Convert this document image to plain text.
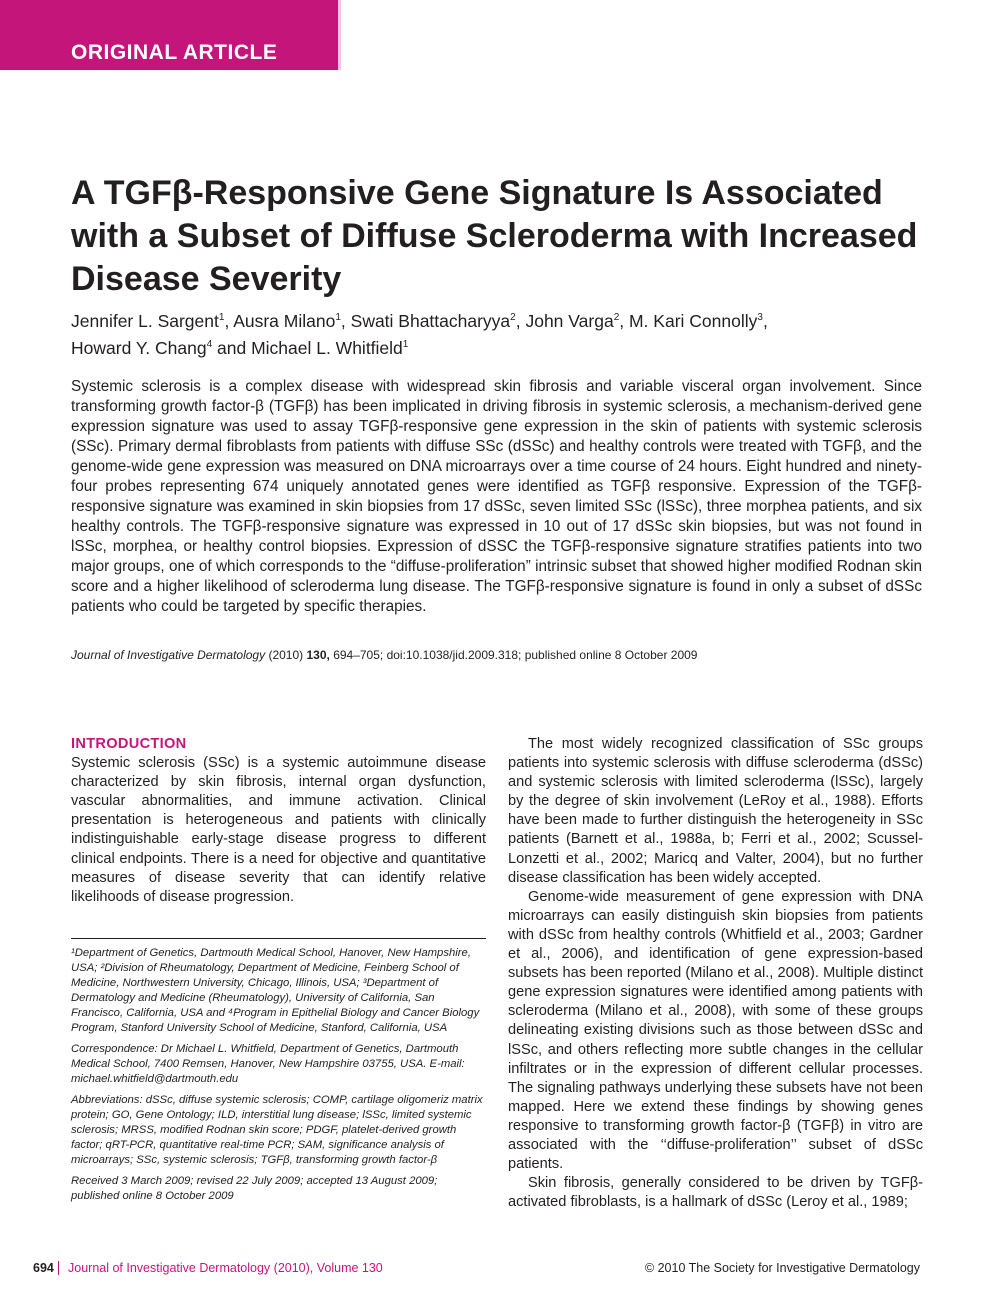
ORIGINAL ARTICLE
A TGFβ-Responsive Gene Signature Is Associated with a Subset of Diffuse Scleroderma with Increased Disease Severity
Jennifer L. Sargent$^1$, Ausra Milano$^1$, Swati Bhattacharyya$^2$, John Varga$^2$, M. Kari Connolly$^3$,
Howard Y. Chang$^4$ and Michael L. Whitfield$^1$

Systemic sclerosis is a complex disease with widespread skin fibrosis and variable visceral organ involvement. Since transforming growth factor-β (TGFβ) has been implicated in driving fibrosis in systemic sclerosis, a mechanism-derived gene expression signature was used to assay TGFβ-responsive gene expression in the skin of patients with systemic sclerosis (SSc). Primary dermal fibroblasts from patients with diffuse SSc (dSSc) and healthy controls were treated with TGFβ, and the genome-wide gene expression was measured on DNA microarrays over a time course of 24 hours. Eight hundred and ninety-four probes representing 674 uniquely annotated genes were identified as TGFβ responsive. Expression of the TGFβ-responsive signature was examined in skin biopsies from 17 dSSc, seven limited SSc (lSSc), three morphea patients, and six healthy controls. The TGFβ-responsive signature was expressed in 10 out of 17 dSSc skin biopsies, but was not found in lSSc, morphea, or healthy control biopsies. Expression of dSSC the TGFβ-responsive signature stratifies patients into two major groups, one of which corresponds to the “diffuse-proliferation” intrinsic subset that showed higher modified Rodnan skin score and a higher likelihood of scleroderma lung disease. The TGFβ-responsive signature is found in only a subset of dSSc patients who could be targeted by specific therapies.

Journal of Investigative Dermatology (2010) 130, 694–705; doi:10.1038/jid.2009.318; published online 8 October 2009

INTRODUCTION

Systemic sclerosis (SSc) is a systemic autoimmune disease characterized by skin fibrosis, internal organ dysfunction, vascular abnormalities, and immune activation. Clinical presentation is heterogeneous and patients with clinically indistinguishable early-stage disease progress to different clinical endpoints. There is a need for objective and quantitative measures of disease severity that can identify relative likelihoods of disease progression.

¹Department of Genetics, Dartmouth Medical School, Hanover, New Hampshire, USA; ²Division of Rheumatology, Department of Medicine, Feinberg School of Medicine, Northwestern University, Chicago, Illinois, USA; ³Department of Dermatology and Medicine (Rheumatology), University of California, San Francisco, California, USA and ⁴Program in Epithelial Biology and Cancer Biology Program, Stanford University School of Medicine, Stanford, California, USA

Correspondence: Dr Michael L. Whitfield, Department of Genetics, Dartmouth Medical School, 7400 Remsen, Hanover, New Hampshire 03755, USA. E-mail: michael.whitfield@dartmouth.edu

Abbreviations: dSSc, diffuse systemic sclerosis; COMP, cartilage oligomeriz matrix protein; GO, Gene Ontology; ILD, interstitial lung disease; lSSc, limited systemic sclerosis; MRSS, modified Rodnan skin score; PDGF, platelet-derived growth factor; qRT-PCR, quantitative real-time PCR; SAM, significance analysis of microarrays; SSc, systemic sclerosis; TGFβ, transforming growth factor-β

Received 3 March 2009; revised 22 July 2009; accepted 13 August 2009; published online 8 October 2009

The most widely recognized classification of SSc groups patients into systemic sclerosis with diffuse scleroderma (dSSc) and systemic sclerosis with limited scleroderma (lSSc), largely by the degree of skin involvement (LeRoy et al., 1988). Efforts have been made to further distinguish the heterogeneity in SSc patients (Barnett et al., 1988a, b; Ferri et al., 2002; Scussel-Lonzetti et al., 2002; Maricq and Valter, 2004), but no further disease classification has been widely accepted.

Genome-wide measurement of gene expression with DNA microarrays can easily distinguish skin biopsies from patients with dSSc from healthy controls (Whitfield et al., 2003; Gardner et al., 2006), and identification of gene expression-based subsets has been reported (Milano et al., 2008). Multiple distinct gene expression signatures were identified among patients with scleroderma (Milano et al., 2008), with some of these groups delineating existing divisions such as those between dSSc and lSSc, and others reflecting more subtle changes in the cellular infiltrates or in the expression of different cellular processes. The signaling pathways underlying these subsets have not been mapped. Here we extend these findings by showing genes responsive to transforming growth factor-β (TGFβ) in vitro are associated with the ‘‘diffuse-proliferation’’ subset of dSSc patients.

Skin fibrosis, generally considered to be driven by TGFβ-activated fibroblasts, is a hallmark of dSSc (Leroy et al., 1989;

694 Journal of Investigative Dermatology (2010), Volume 130	© 2010 The Society for Investigative Dermatology
